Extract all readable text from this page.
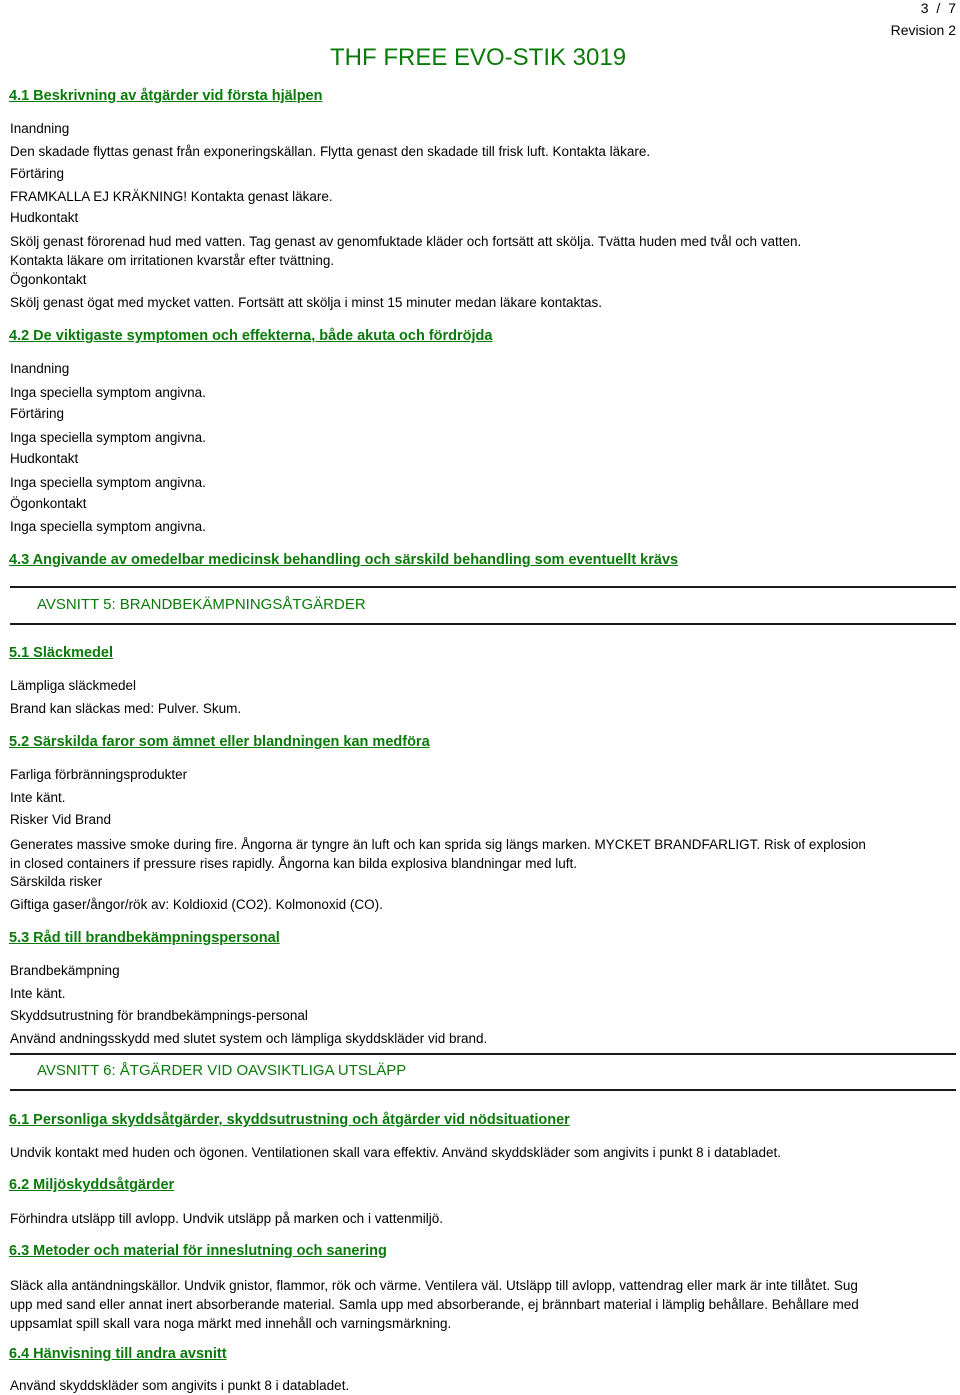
3 / 7
Revision 2
THF FREE EVO-STIK 3019
4.1 Beskrivning av åtgärder vid första hjälpen
Inandning
Den skadade flyttas genast från exponeringskällan. Flytta genast den skadade till frisk luft. Kontakta läkare.
Förtäring
FRAMKALLA EJ KRÄKNING! Kontakta genast läkare.
Hudkontakt
Skölj genast förorenad hud med vatten. Tag genast av genomfuktade kläder och fortsätt att skölja. Tvätta huden med tvål och vatten.
Kontakta läkare om irritationen kvarstår efter tvättning.
Ögonkontakt
Skölj genast ögat med mycket vatten. Fortsätt att skölja i minst 15 minuter medan läkare kontaktas.
4.2 De viktigaste symptomen och effekterna, både akuta och fördröjda
Inandning
Inga speciella symptom angivna.
Förtäring
Inga speciella symptom angivna.
Hudkontakt
Inga speciella symptom angivna.
Ögonkontakt
Inga speciella symptom angivna.
4.3 Angivande av omedelbar medicinsk behandling och särskild behandling som eventuellt krävs
AVSNITT 5: BRANDBEKÄMPNINGSÅTGÄRDER
5.1 Släckmedel
Lämpliga släckmedel
Brand kan släckas med: Pulver. Skum.
5.2 Särskilda faror som ämnet eller blandningen kan medföra
Farliga förbränningsprodukter
Inte känt.
Risker Vid Brand
Generates massive smoke during fire. Ångorna är tyngre än luft och kan sprida sig längs marken. MYCKET BRANDFARLIGT. Risk of explosion in closed containers if pressure rises rapidly. Ångorna kan bilda explosiva blandningar med luft.
Särskilda risker
Giftiga gaser/ångor/rök av: Koldioxid (CO2). Kolmonoxid (CO).
5.3 Råd till brandbekämpningspersonal
Brandbekämpning
Inte känt.
Skyddsutrustning för brandbekämpnings-personal
Använd andningsskydd med slutet system och lämpliga skyddskläder vid brand.
AVSNITT 6: ÅTGÄRDER VID OAVSIKTLIGA UTSLÄPP
6.1 Personliga skyddsåtgärder, skyddsutrustning och åtgärder vid nödsituationer
Undvik kontakt med huden och ögonen. Ventilationen skall vara effektiv. Använd skyddskläder som angivits i punkt 8 i databladet.
6.2 Miljöskyddsåtgärder
Förhindra utsläpp till avlopp. Undvik utsläpp på marken och i vattenmiljö.
6.3 Metoder och material för inneslutning och sanering
Släck alla antändningskällor. Undvik gnistor, flammor, rök och värme. Ventilera väl. Utsläpp till avlopp, vattendrag eller mark är inte tillåtet. Sug upp med sand eller annat inert absorberande material. Samla upp med absorberande, ej brännbart material i lämplig behållare. Behållare med uppsamlat spill skall vara noga märkt med innehåll och varningsmärkning.
6.4 Hänvisning till andra avsnitt
Använd skyddskläder som angivits i punkt 8 i databladet.
